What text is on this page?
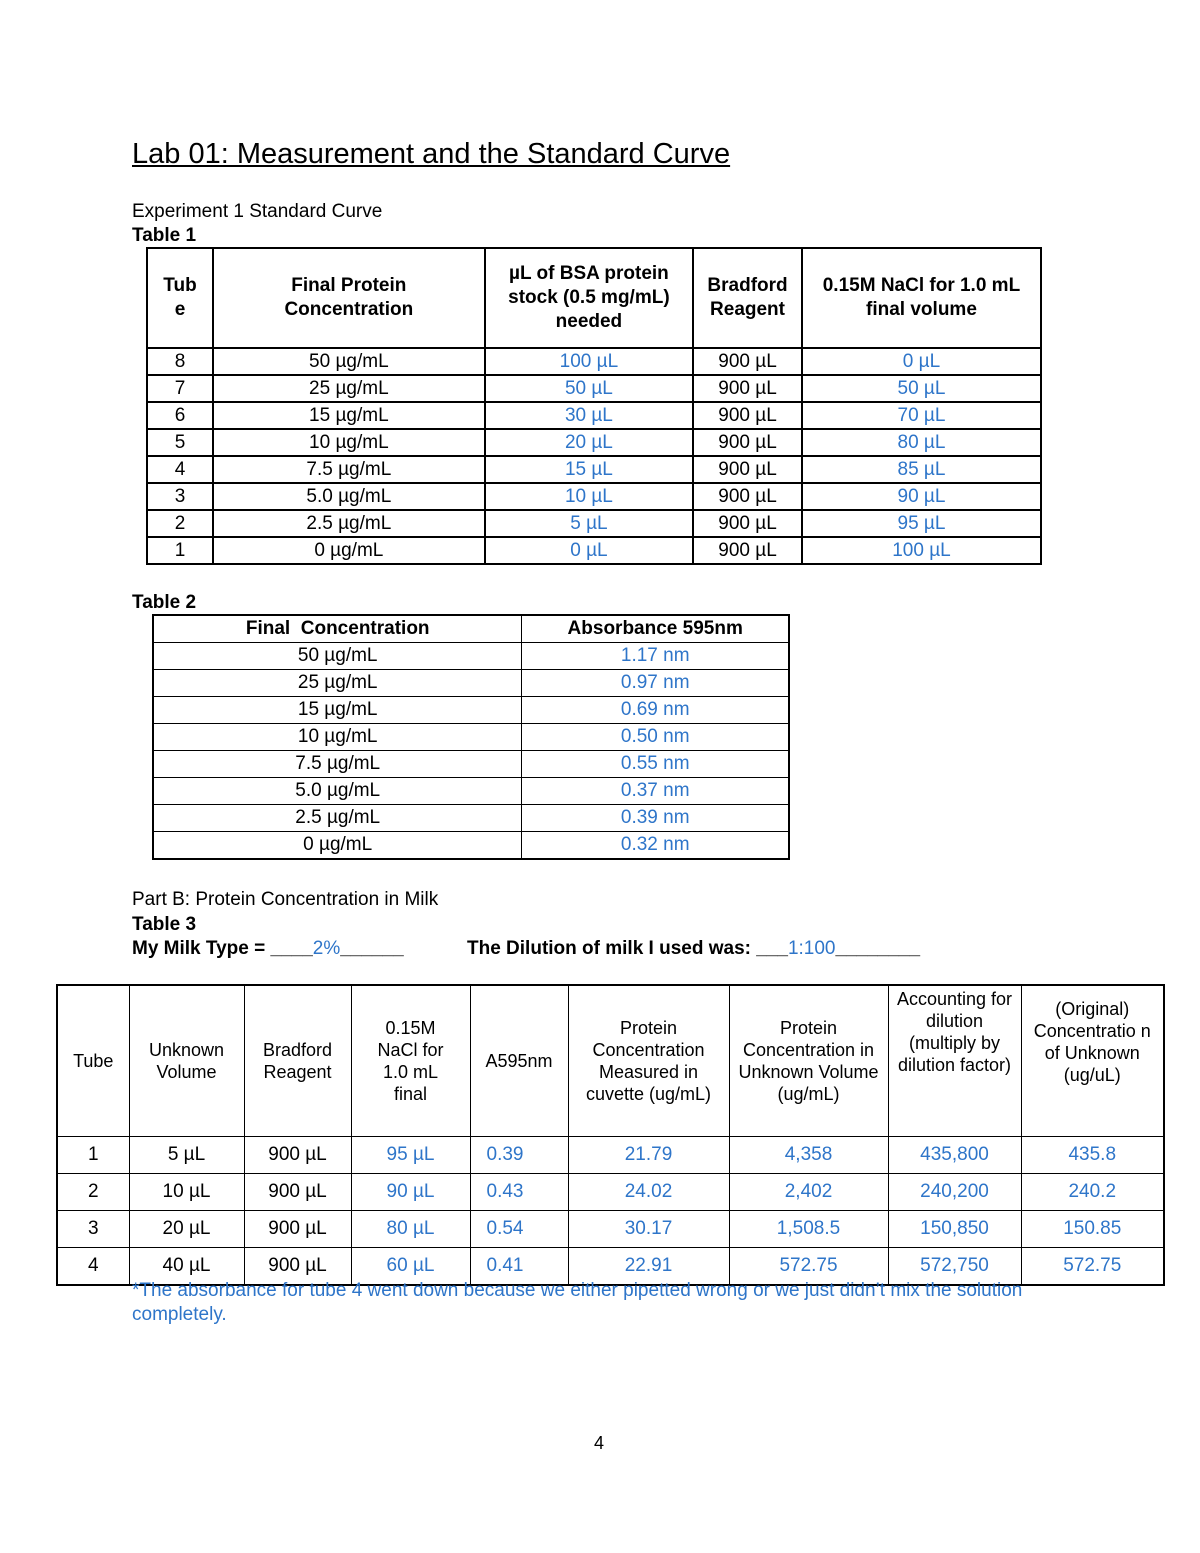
Lab 01: Measurement and the Standard Curve
Experiment 1 Standard Curve
Table 1
Tub e	Final Protein Concentration	µL of BSA protein stock (0.5 mg/mL) needed	Bradford Reagent	0.15M NaCl for 1.0 mL final volume
8	50 µg/mL	100 µL	900 µL	0 µL
7	25 µg/mL	50 µL	900 µL	50 µL
6	15 µg/mL	30 µL	900 µL	70 µL
5	10 µg/mL	20 µL	900 µL	80 µL
4	7.5 µg/mL	15 µL	900 µL	85 µL
3	5.0 µg/mL	10 µL	900 µL	90 µL
2	2.5 µg/mL	5 µL	900 µL	95 µL
1	0 µg/mL	0 µL	900 µL	100 µL
Table 2
Final  Concentration	Absorbance 595nm
50 µg/mL	1.17 nm
25 µg/mL	0.97 nm
15 µg/mL	0.69 nm
10 µg/mL	0.50 nm
7.5 µg/mL	0.55 nm
5.0 µg/mL	0.37 nm
2.5 µg/mL	0.39 nm
0 µg/mL	0.32 nm
Part B: Protein Concentration in Milk
Table 3
My Milk Type = ____2%______	The Dilution of milk I used was: ___1:100________
Tube	Unknown Volume	Bradford Reagent	0.15M NaCl for 1.0 mL final	A595nm	Protein Concentration Measured in cuvette (ug/mL)	Protein Concentration in Unknown Volume (ug/mL)	Accounting for dilution (multiply by dilution factor)	(Original) Concentratio n of Unknown (ug/uL)
1	5 µL	900 µL	95 µL	0.39	21.79	4,358	435,800	435.8
2	10 µL	900 µL	90 µL	0.43	24.02	2,402	240,200	240.2
3	20 µL	900 µL	80 µL	0.54	30.17	1,508.5	150,850	150.85
4	40 µL	900 µL	60 µL	0.41	22.91	572.75	572,750	572.75
*The absorbance for tube 4 went down because we either pipetted wrong or we just didn’t mix the solution completely.
4
